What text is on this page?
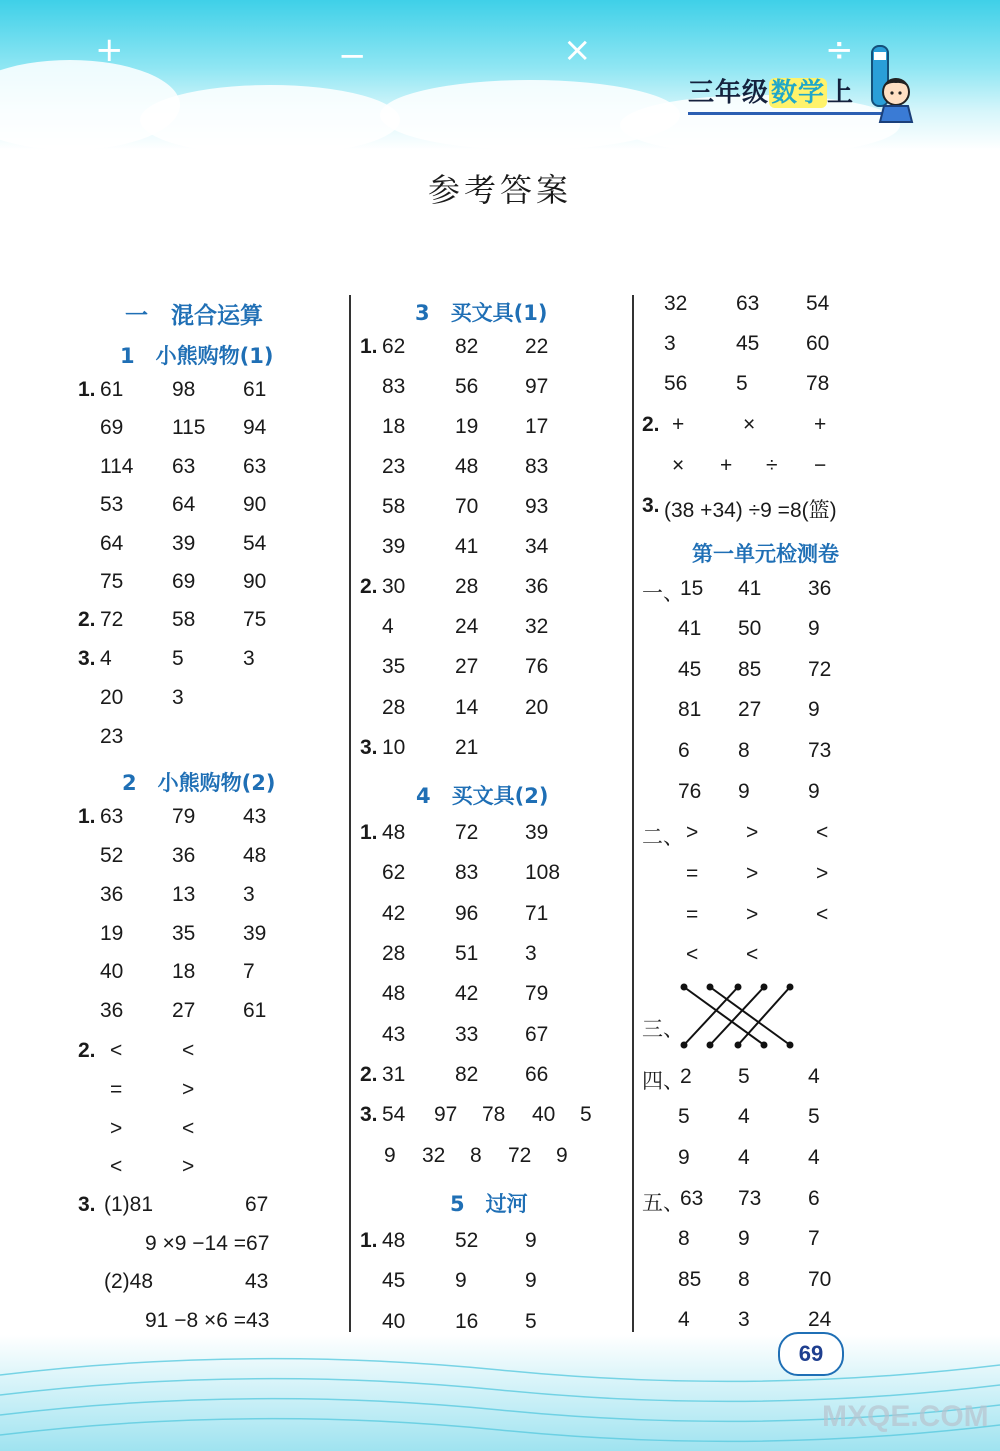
+	−	×	÷
三年级数学上
参考答案
一　混合运算
1　小熊购物(1)
2　小熊购物(2)
3　买文具(1)
4　买文具(2)
5　过河
第一单元检测卷
1. 61 98 61
69 115 94
114 63 63
53 64 90
64 39 54
75 69 90
2. 72 58 75
3. 4	5	3
20 3
23
1. 63 79 43
52 36 48
36 13 3
19 35 39
40 18 7
36 27 61
2. <	<
=	>
>	<
<	>
3. (1)81	67
9 ×9 −14 =67
(2)48	43
91 −8 ×6 =43
1. 62 82 22
83 56 97
18 19 17
23 48 83
58 70 93
39 41 34
2. 30 28 36
4	24 32
35 27 76
28 14 20
3. 10 21
1. 48 72 39
62 83 108
42 96 71
28 51 3
48 42 79
43 33 67
2. 31 82 66
3. 54 97 78 40 5
9 32 8 72 9
1. 48 52 9
45 9	9
40 16 5
32 63 54
3	45 60
56 5	78
2. +	×	+
× + ÷ −
3. (38 +34) ÷9 =8(篮)
一、
15 41 36
41 50 9
45 85 72
81 27 9
6 8	73
76 9	9
二、 > >	<
= >	>
= >	<
< <
三、
四、
2 5	4
5 4	5
9 4	4
五、
63 73 6
8 9	7
85 8	70
4 3	24
69
MXQE.COM
